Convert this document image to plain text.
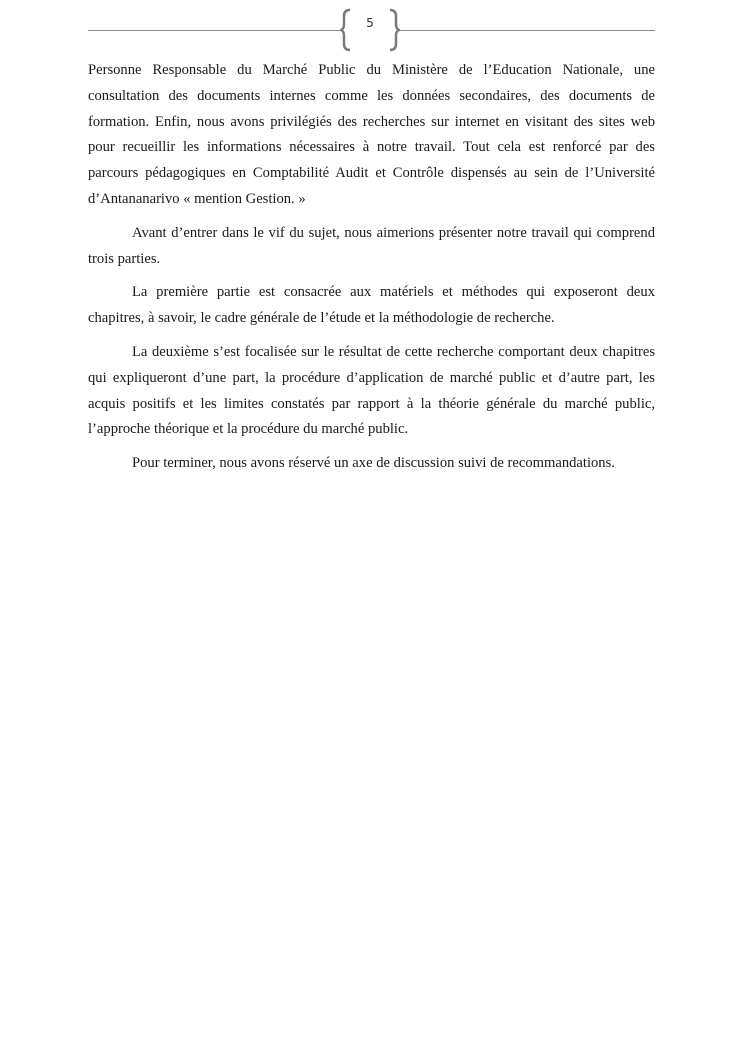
5

Personne Responsable du Marché Public du Ministère de l’Education Nationale, une consultation des documents internes comme les données secondaires, des documents de formation. Enfin, nous avons privilégiés des recherches sur internet en visitant des sites web pour recueillir les informations nécessaires à notre travail. Tout cela est renforcé par des parcours pédagogiques en Comptabilité Audit et Contrôle dispensés au sein de l’Université d’Antananarivo « mention Gestion. »

Avant d’entrer dans le vif du sujet, nous aimerions présenter notre travail qui comprend trois parties.

La première partie est consacrée aux matériels et méthodes qui exposeront deux chapitres, à savoir, le cadre générale de l’étude et la méthodologie de recherche.

La deuxième s’est focalisée sur le résultat de cette recherche comportant deux chapitres qui expliqueront d’une part, la procédure d’application de marché public et d’autre part, les acquis positifs et les limites constatés par rapport à la théorie générale du marché public, l’approche théorique et la procédure du marché public.

Pour terminer, nous avons réservé un axe de discussion suivi de recommandations.
